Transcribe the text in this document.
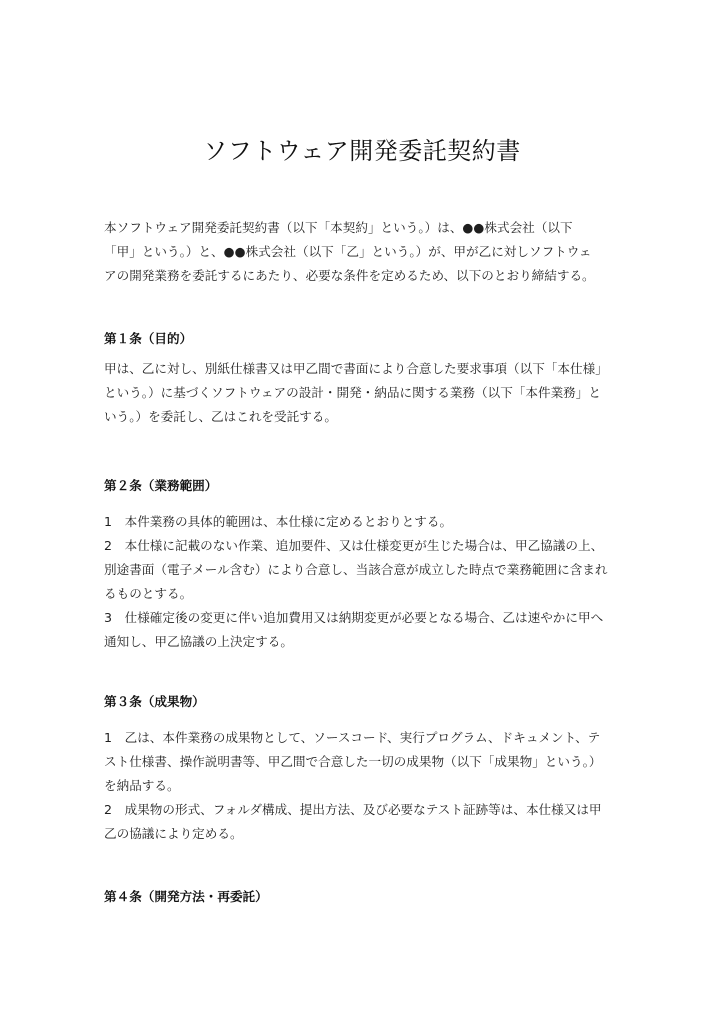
ソフトウェア開発委託契約書
本ソフトウェア開発委託契約書（以下「本契約」という。）は、●●株式会社（以下
「甲」という。）と、●●株式会社（以下「乙」という。）が、甲が乙に対しソフトウェ
アの開発業務を委託するにあたり、必要な条件を定めるため、以下のとおり締結する。
第１条（目的）
甲は、乙に対し、別紙仕様書又は甲乙間で書面により合意した要求事項（以下「本仕様」
という。）に基づくソフトウェアの設計・開発・納品に関する業務（以下「本件業務」と
いう。）を委託し、乙はこれを受託する。
第２条（業務範囲）
1　本件業務の具体的範囲は、本仕様に定めるとおりとする。
2　本仕様に記載のない作業、追加要件、又は仕様変更が生じた場合は、甲乙協議の上、
別途書面（電子メール含む）により合意し、当該合意が成立した時点で業務範囲に含まれ
るものとする。
3　仕様確定後の変更に伴い追加費用又は納期変更が必要となる場合、乙は速やかに甲へ
通知し、甲乙協議の上決定する。
第３条（成果物）
1　乙は、本件業務の成果物として、ソースコード、実行プログラム、ドキュメント、テ
スト仕様書、操作説明書等、甲乙間で合意した一切の成果物（以下「成果物」という。）
を納品する。
2　成果物の形式、フォルダ構成、提出方法、及び必要なテスト証跡等は、本仕様又は甲
乙の協議により定める。
第４条（開発方法・再委託）
